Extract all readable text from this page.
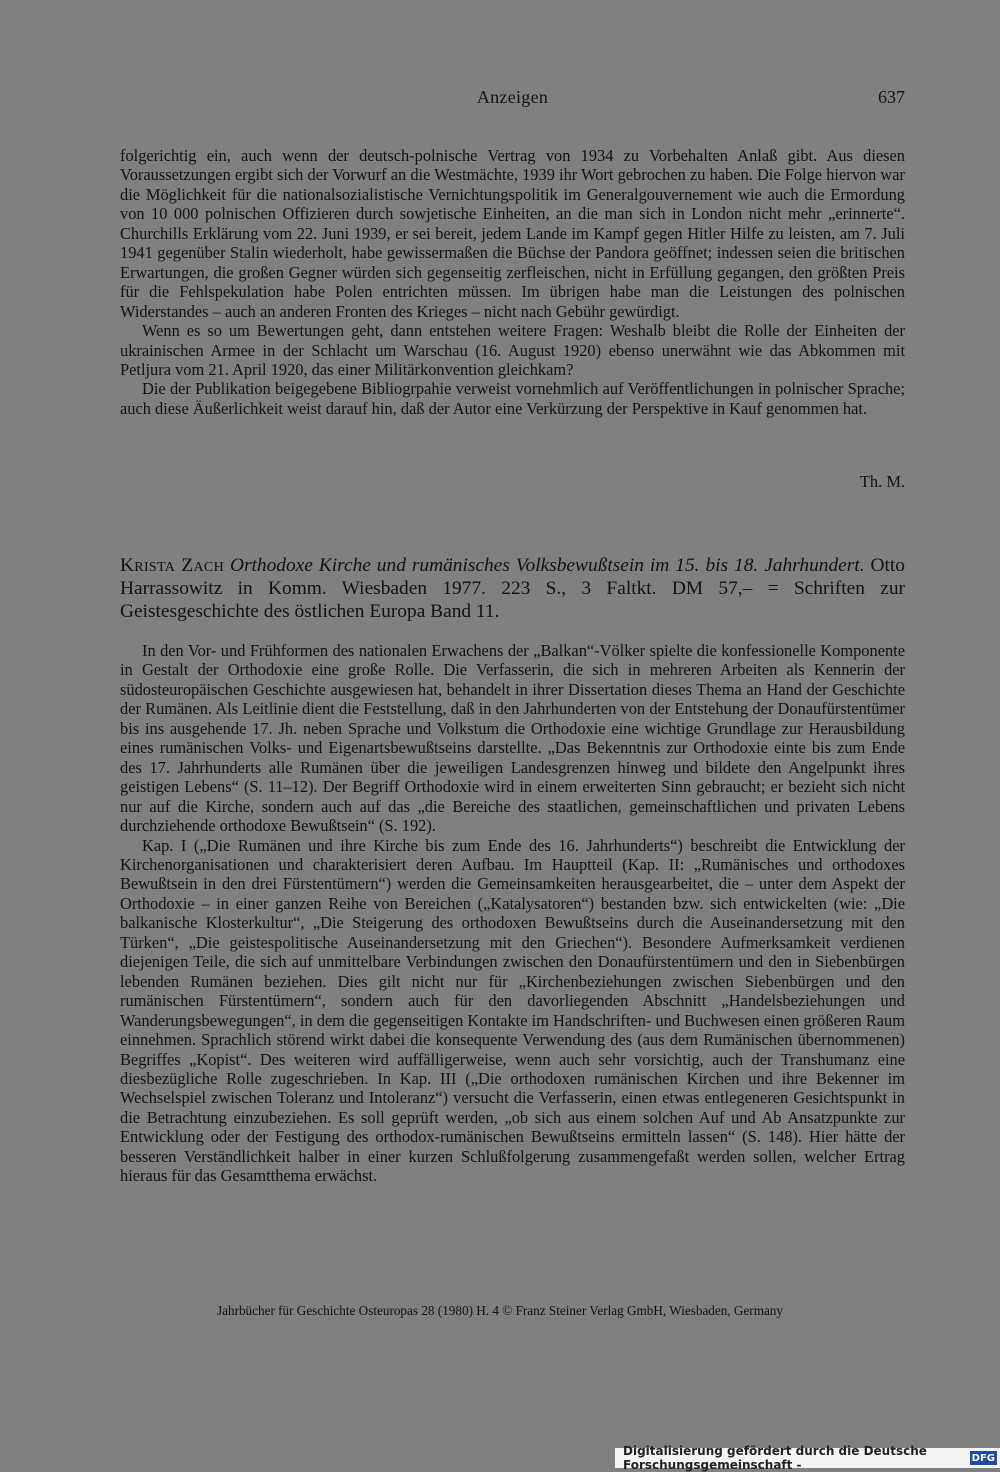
Anzeigen	637

folgerichtig ein, auch wenn der deutsch-polnische Vertrag von 1934 zu Vorbehalten Anlaß gibt. Aus diesen Voraussetzungen ergibt sich der Vorwurf an die Westmächte, 1939 ihr Wort gebrochen zu haben. Die Folge hiervon war die Möglichkeit für die nationalsozialistische Vernichtungspolitik im Generalgouvernement wie auch die Ermordung von 10 000 polnischen Offizieren durch sowjetische Einheiten, an die man sich in London nicht mehr „erinnerte“. Churchills Erklärung vom 22. Juni 1939, er sei bereit, jedem Lande im Kampf gegen Hitler Hilfe zu leisten, am 7. Juli 1941 gegenüber Stalin wiederholt, habe gewissermaßen die Büchse der Pandora geöffnet; indessen seien die britischen Erwartungen, die großen Gegner würden sich gegenseitig zerfleischen, nicht in Erfüllung gegangen, den größten Preis für die Fehlspekulation habe Polen entrichten müssen. Im übrigen habe man die Leistungen des polnischen Widerstandes – auch an anderen Fronten des Krieges – nicht nach Gebühr gewürdigt.

Wenn es so um Bewertungen geht, dann entstehen weitere Fragen: Weshalb bleibt die Rolle der Einheiten der ukrainischen Armee in der Schlacht um Warschau (16. August 1920) ebenso unerwähnt wie das Abkommen mit Petljura vom 21. April 1920, das einer Militärkonvention gleichkam?

Die der Publikation beigegebene Bibliogrpahie verweist vornehmlich auf Veröffentlichungen in polnischer Sprache; auch diese Äußerlichkeit weist darauf hin, daß der Autor eine Verkürzung der Perspektive in Kauf genommen hat.

Th. M.

Krista Zach Orthodoxe Kirche und rumänisches Volksbewußtsein im 15. bis 18. Jahrhundert. Otto Harrassowitz in Komm. Wiesbaden 1977. 223 S., 3 Faltkt. DM 57,– = Schriften zur Geistesgeschichte des östlichen Europa Band 11.

In den Vor- und Frühformen des nationalen Erwachens der „Balkan“-Völker spielte die konfessionelle Komponente in Gestalt der Orthodoxie eine große Rolle. Die Verfasserin, die sich in mehreren Arbeiten als Kennerin der südosteuropäischen Geschichte ausgewiesen hat, behandelt in ihrer Dissertation dieses Thema an Hand der Geschichte der Rumänen. Als Leitlinie dient die Feststellung, daß in den Jahrhunderten von der Entstehung der Donaufürstentümer bis ins ausgehende 17. Jh. neben Sprache und Volkstum die Orthodoxie eine wichtige Grundlage zur Herausbildung eines rumänischen Volks- und Eigenartsbewußtseins darstellte. „Das Bekenntnis zur Orthodoxie einte bis zum Ende des 17. Jahrhunderts alle Rumänen über die jeweiligen Landesgrenzen hinweg und bildete den Angelpunkt ihres geistigen Lebens“ (S. 11–12). Der Begriff Orthodoxie wird in einem erweiterten Sinn gebraucht; er bezieht sich nicht nur auf die Kirche, sondern auch auf das „die Bereiche des staatlichen, gemeinschaftlichen und privaten Lebens durchziehende orthodoxe Bewußtsein“ (S. 192).

Kap. I („Die Rumänen und ihre Kirche bis zum Ende des 16. Jahrhunderts“) beschreibt die Entwicklung der Kirchenorganisationen und charakterisiert deren Aufbau. Im Hauptteil (Kap. II: „Rumänisches und orthodoxes Bewußtsein in den drei Fürstentümern“) werden die Gemeinsamkeiten herausgearbeitet, die – unter dem Aspekt der Orthodoxie – in einer ganzen Reihe von Bereichen („Katalysatoren“) bestanden bzw. sich entwickelten (wie: „Die balkanische Klosterkultur“, „Die Steigerung des orthodoxen Bewußtseins durch die Auseinandersetzung mit den Türken“, „Die geistespolitische Auseinandersetzung mit den Griechen“). Besondere Aufmerksamkeit verdienen diejenigen Teile, die sich auf unmittelbare Verbindungen zwischen den Donaufürstentümern und den in Siebenbürgen lebenden Rumänen beziehen. Dies gilt nicht nur für „Kirchenbeziehungen zwischen Siebenbürgen und den rumänischen Fürstentümern“, sondern auch für den davorliegenden Abschnitt „Handelsbeziehungen und Wanderungsbewegungen“, in dem die gegenseitigen Kontakte im Handschriften- und Buchwesen einen größeren Raum einnehmen. Sprachlich störend wirkt dabei die konsequente Verwendung des (aus dem Rumänischen übernommenen) Begriffes „Kopist“. Des weiteren wird auffälligerweise, wenn auch sehr vorsichtig, auch der Transhumanz eine diesbezügliche Rolle zugeschrieben. In Kap. III („Die orthodoxen rumänischen Kirchen und ihre Bekenner im Wechselspiel zwischen Toleranz und Intoleranz“) versucht die Verfasserin, einen etwas entlegeneren Gesichtspunkt in die Betrachtung einzubeziehen. Es soll geprüft werden, „ob sich aus einem solchen Auf und Ab Ansatzpunkte zur Entwicklung oder der Festigung des orthodox-rumänischen Bewußtseins ermitteln lassen“ (S. 148). Hier hätte der besseren Verständlichkeit halber in einer kurzen Schlußfolgerung zusammengefaßt werden sollen, welcher Ertrag hieraus für das Gesamtthema erwächst.

Jahrbücher für Geschichte Osteuropas 28 (1980) H. 4 © Franz Steiner Verlag GmbH, Wiesbaden, Germany
Digitalisierung gefördert durch die Deutsche Forschungsgemeinschaft -	DFG
